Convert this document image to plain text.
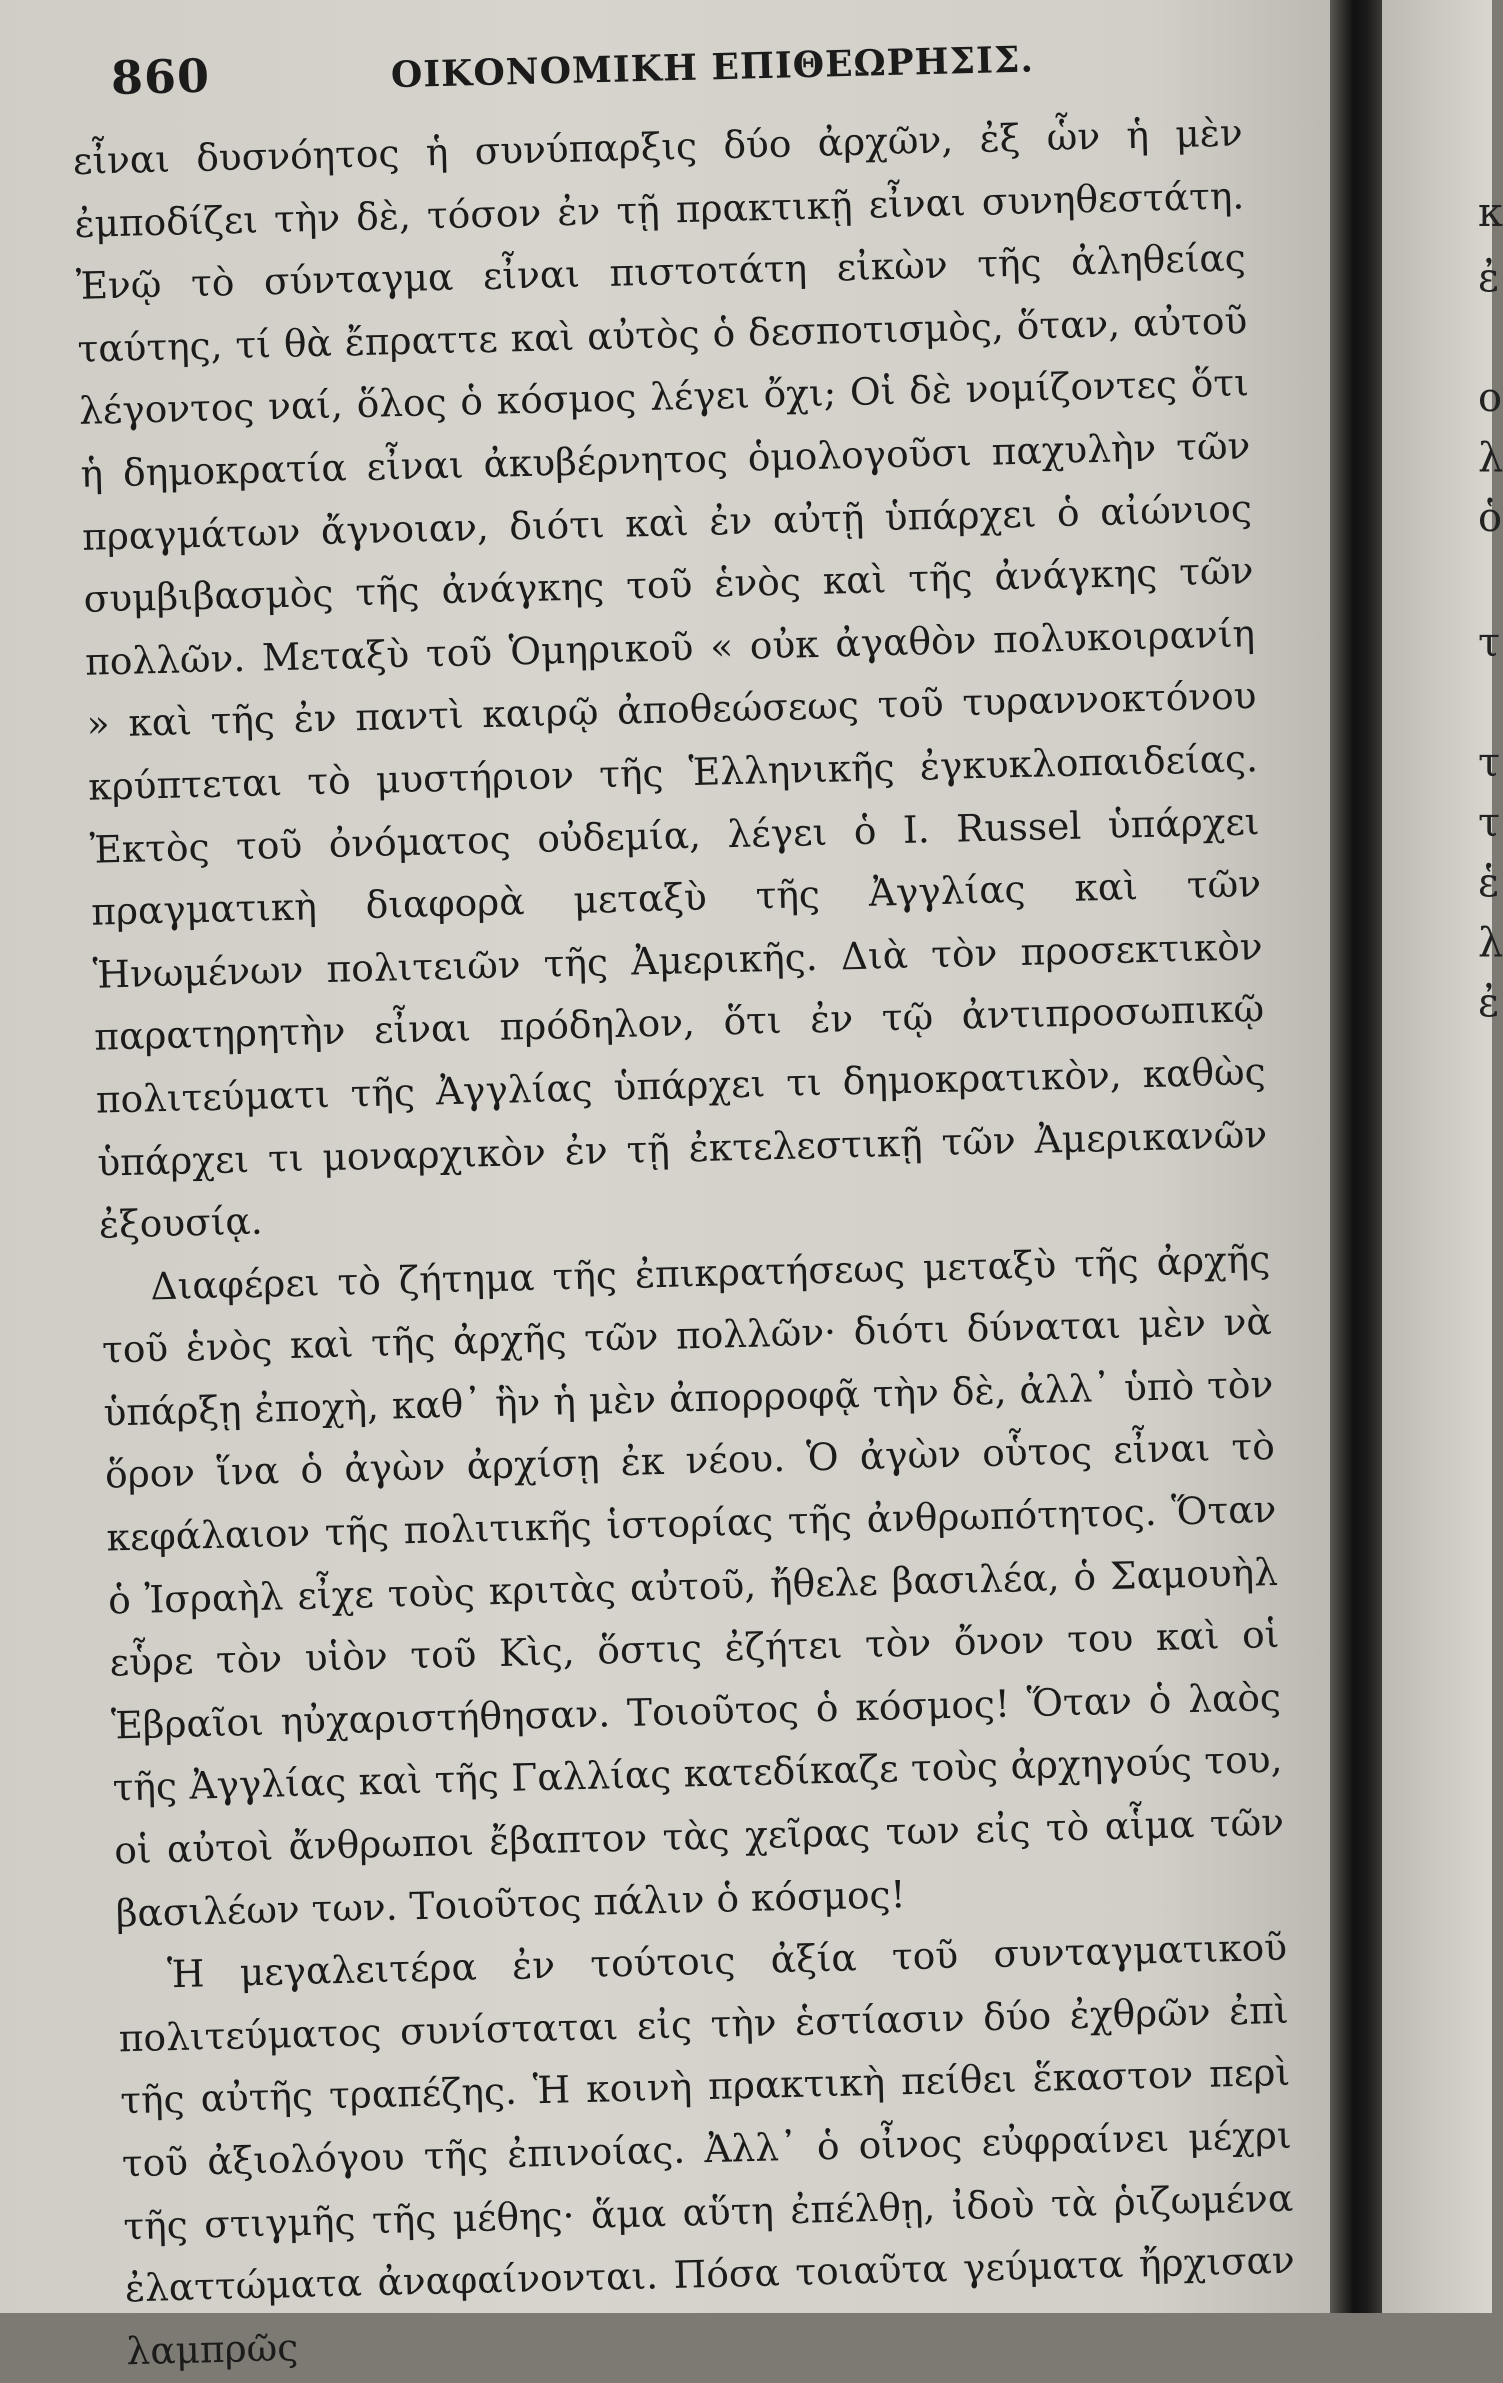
860	ΟΙΚΟΝΟΜΙΚΗ ΕΠΙΘΕΩΡΗΣΙΣ.

εἶναι δυσνόητος ἡ συνύπαρξις δύο ἀρχῶν, ἐξ ὧν ἡ μὲν ἐμποδίζει τὴν δὲ, τόσον ἐν τῇ πρακτικῇ εἶναι συνηθεστάτη. Ἐνῷ τὸ σύνταγμα εἶναι πιστοτάτη εἰκὼν τῆς ἀληθείας ταύτης, τί θὰ ἔπραττε καὶ αὐτὸς ὁ δεσποτισμὸς, ὅταν, αὐτοῦ λέγοντος ναί, ὅλος ὁ κόσμος λέγει ὄχι; Οἱ δὲ νομίζοντες ὅτι ἡ δημοκρατία εἶναι ἀκυβέρνητος ὁμολογοῦσι παχυλὴν τῶν πραγμάτων ἄγνοιαν, διότι καὶ ἐν αὐτῇ ὑπάρχει ὁ αἰώνιος συμβιβασμὸς τῆς ἀνάγκης τοῦ ἑνὸς καὶ τῆς ἀνάγκης τῶν πολλῶν. Μεταξὺ τοῦ Ὁμηρικοῦ « οὐκ ἀγαθὸν πολυκοιρανίη » καὶ τῆς ἐν παντὶ καιρῷ ἀποθεώσεως τοῦ τυραννοκτόνου κρύπτεται τὸ μυστήριον τῆς Ἑλληνικῆς ἐγκυκλοπαιδείας. Ἐκτὸς τοῦ ὀνόματος οὐδεμία, λέγει ὁ I. Russel ὑπάρχει πραγματικὴ διαφορὰ μεταξὺ τῆς Ἀγγλίας καὶ τῶν Ἡνωμένων πολιτειῶν τῆς Ἀμερικῆς. Διὰ τὸν προσεκτικὸν παρατηρητὴν εἶναι πρόδηλον, ὅτι ἐν τῷ ἀντιπροσωπικῷ πολιτεύματι τῆς Ἀγγλίας ὑπάρχει τι δημοκρατικὸν, καθὼς ὑπάρχει τι μοναρχικὸν ἐν τῇ ἐκτελεστικῇ τῶν Ἀμερικανῶν ἐξουσίᾳ.

Διαφέρει τὸ ζήτημα τῆς ἐπικρατήσεως μεταξὺ τῆς ἀρχῆς τοῦ ἑνὸς καὶ τῆς ἀρχῆς τῶν πολλῶν· διότι δύναται μὲν νὰ ὑπάρξῃ ἐποχὴ, καθ᾽ ἣν ἡ μὲν ἀπορροφᾷ τὴν δὲ, ἀλλ᾽ ὑπὸ τὸν ὅρον ἵνα ὁ ἀγὼν ἀρχίσῃ ἐκ νέου. Ὁ ἀγὼν οὗτος εἶναι τὸ κεφάλαιον τῆς πολιτικῆς ἱστορίας τῆς ἀνθρωπότητος. Ὅταν ὁ Ἰσραὴλ εἶχε τοὺς κριτὰς αὐτοῦ, ἤθελε βασιλέα, ὁ Σαμουὴλ εὗρε τὸν υἱὸν τοῦ Κὶς, ὅστις ἐζήτει τὸν ὄνον του καὶ οἱ Ἑβραῖοι ηὐχαριστήθησαν. Τοιοῦτος ὁ κόσμος! Ὅταν ὁ λαὸς τῆς Ἀγγλίας καὶ τῆς Γαλλίας κατεδίκαζε τοὺς ἀρχηγούς του, οἱ αὐτοὶ ἄνθρωποι ἔβαπτον τὰς χεῖρας των εἰς τὸ αἷμα τῶν βασιλέων των. Τοιοῦτος πάλιν ὁ κόσμος!

Ἡ μεγαλειτέρα ἐν τούτοις ἀξία τοῦ συνταγματικοῦ πολιτεύματος συνίσταται εἰς τὴν ἑστίασιν δύο ἐχθρῶν ἐπὶ τῆς αὐτῆς τραπέζης. Ἡ κοινὴ πρακτικὴ πείθει ἕκαστον περὶ τοῦ ἀξιολόγου τῆς ἐπινοίας. Ἀλλ᾽ ὁ οἶνος εὐφραίνει μέχρι τῆς στιγμῆς τῆς μέθης· ἅμα αὕτη ἐπέλθῃ, ἰδοὺ τὰ ῥιζωμένα ἐλαττώματα ἀναφαίνονται. Πόσα τοιαῦτα γεύματα ἤρχισαν λαμπρῶς

κ
ἐ
ο
λ
ὁ
τ
τ
τ
ἑ
λ
ἐ
